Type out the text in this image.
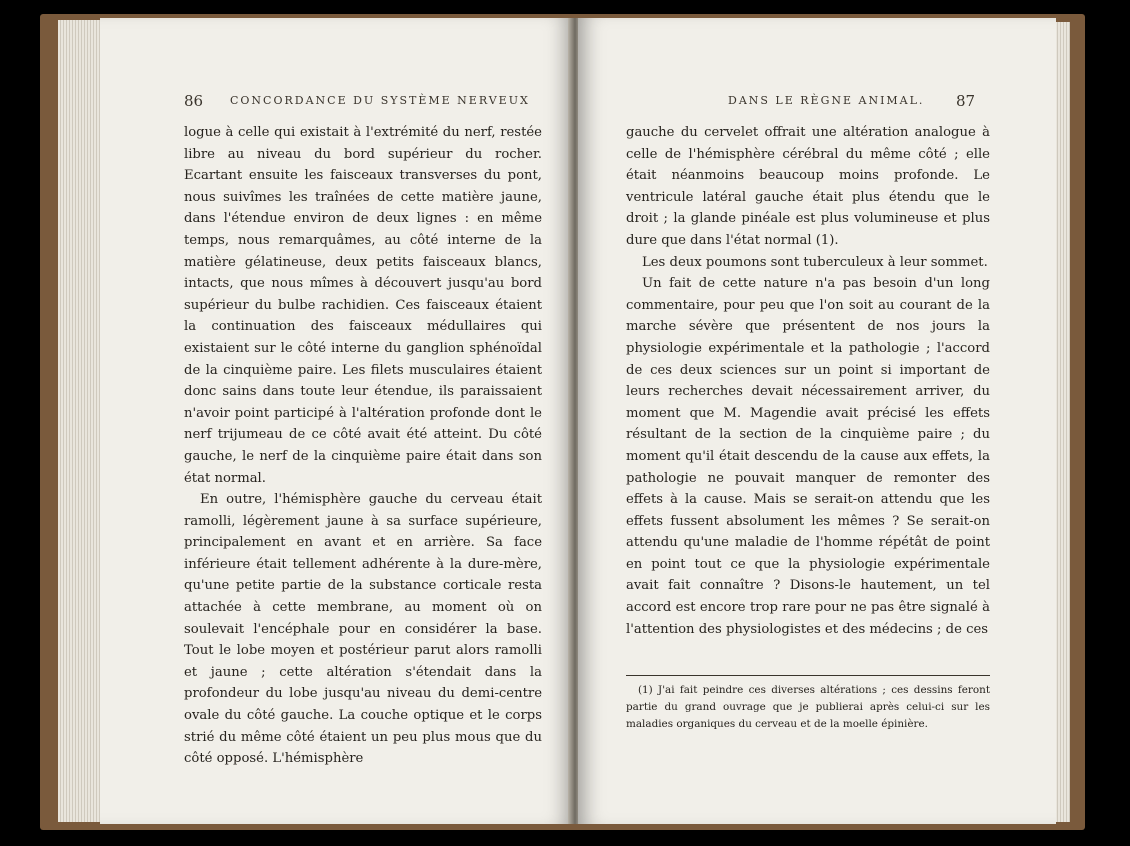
86 CONCORDANCE DU SYSTÈME NERVEUX

logue à celle qui existait à l'extrémité du nerf, restée libre au niveau du bord supérieur du rocher. Ecartant ensuite les faisceaux transverses du pont, nous suivîmes les traînées de cette matière jaune, dans l'étendue environ de deux lignes : en même temps, nous remarquâmes, au côté interne de la matière gélatineuse, deux petits faisceaux blancs, intacts, que nous mîmes à découvert jusqu'au bord supérieur du bulbe rachidien. Ces faisceaux étaient la continuation des faisceaux médullaires qui existaient sur le côté interne du ganglion sphénoïdal de la cinquième paire. Les filets musculaires étaient donc sains dans toute leur étendue, ils paraissaient n'avoir point participé à l'altération profonde dont le nerf trijumeau de ce côté avait été atteint. Du côté gauche, le nerf de la cinquième paire était dans son état normal.

En outre, l'hémisphère gauche du cerveau était ramolli, légèrement jaune à sa surface supérieure, principalement en avant et en arrière. Sa face inférieure était tellement adhérente à la dure-mère, qu'une petite partie de la substance corticale resta attachée à cette membrane, au moment où on soulevait l'encéphale pour en considérer la base. Tout le lobe moyen et postérieur parut alors ramolli et jaune ; cette altération s'étendait dans la profondeur du lobe jusqu'au niveau du demi-centre ovale du côté gauche. La couche optique et le corps strié du même côté étaient un peu plus mous que du côté opposé. L'hémisphère

DANS LE RÈGNE ANIMAL.	87

gauche du cervelet offrait une altération analogue à celle de l'hémisphère cérébral du même côté ; elle était néanmoins beaucoup moins profonde. Le ventricule latéral gauche était plus étendu que le droit ; la glande pinéale est plus volumineuse et plus dure que dans l'état normal (1).

Les deux poumons sont tuberculeux à leur sommet.

Un fait de cette nature n'a pas besoin d'un long commentaire, pour peu que l'on soit au courant de la marche sévère que présentent de nos jours la physiologie expérimentale et la pathologie ; l'accord de ces deux sciences sur un point si important de leurs recherches devait nécessairement arriver, du moment que M. Magendie avait précisé les effets résultant de la section de la cinquième paire ; du moment qu'il était descendu de la cause aux effets, la pathologie ne pouvait manquer de remonter des effets à la cause. Mais se serait-on attendu que les effets fussent absolument les mêmes ? Se serait-on attendu qu'une maladie de l'homme répétât de point en point tout ce que la physiologie expérimentale avait fait connaître ? Disons-le hautement, un tel accord est encore trop rare pour ne pas être signalé à l'attention des physiologistes et des médecins ; de ces

(1) J'ai fait peindre ces diverses altérations ; ces dessins feront partie du grand ouvrage que je publierai après celui-ci sur les maladies organiques du cerveau et de la moelle épinière.
